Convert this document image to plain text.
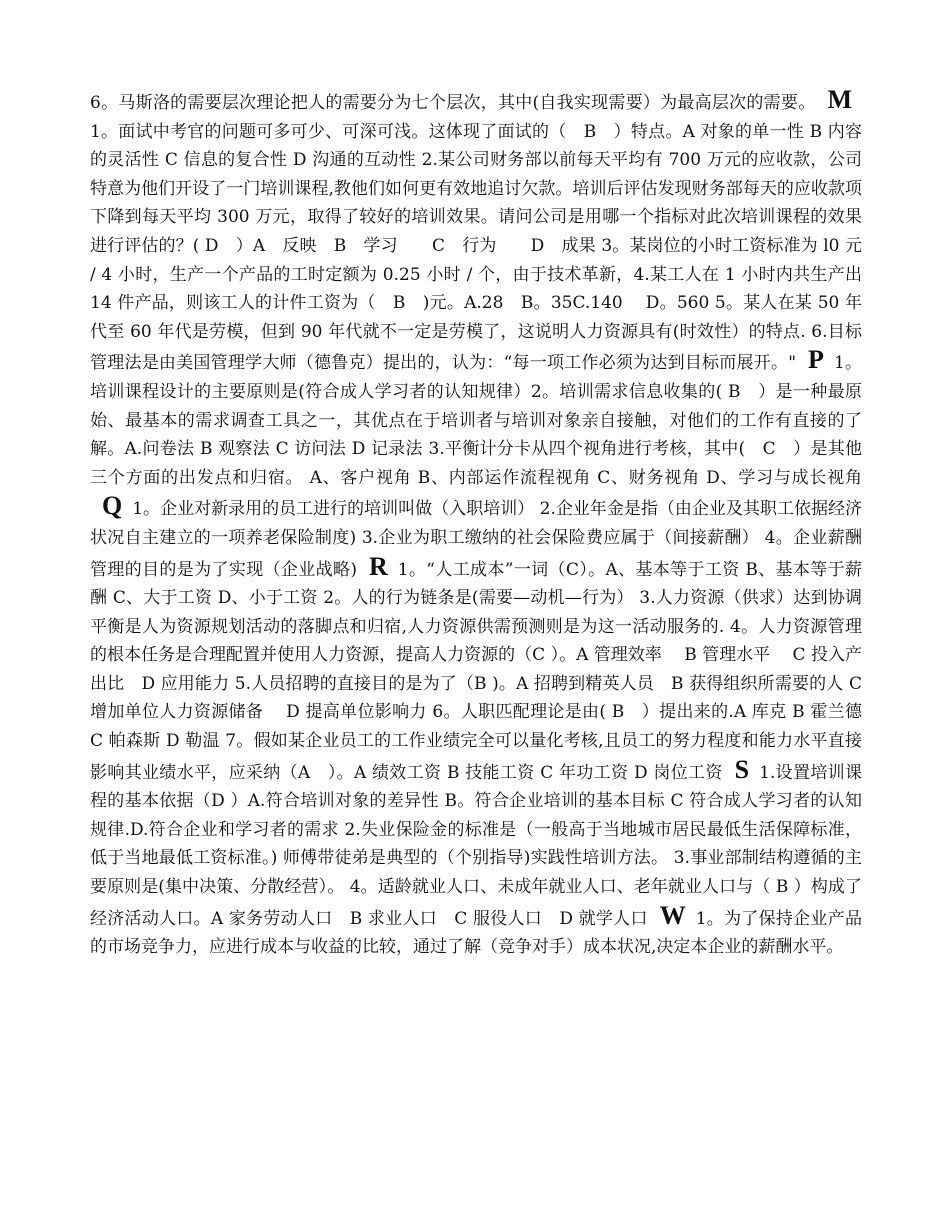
6。马斯洛的需要层次理论把人的需要分为七个层次，其中(自我实现需要）为最高层次的需要。 M1。面试中考官的问题可多可少、可深可浅。这体现了面试的（　B　）特点。A 对象的单一性 B 内容的灵活性 C 信息的复合性 D 沟通的互动性 2.某公司财务部以前每天平均有 700 万元的应收款，公司特意为他们开设了一门培训课程,教他们如何更有效地追讨欠款。培训后评估发现财务部每天的应收款项下降到每天平均 300 万元，取得了较好的培训效果。请问公司是用哪一个指标对此次培训课程的效果进行评估的？( D　）A　反映　B　学习　　C　行为　　D　成果 3。某岗位的小时工资标准为 l0 元 / 4 小时，生产一个产品的工时定额为 0.25 小时 / 个，由于技术革新，4.某工人在 1 小时内共生产出 14 件产品，则该工人的计件工资为（　B　)元。A.28　B。35C.140　 D。560 5。某人在某 50 年代至 60 年代是劳模，但到 90 年代就不一定是劳模了，这说明人力资源具有(时效性）的特点. 6.目标管理法是由美国管理学大师（德鲁克）提出的，认为：“每一项工作必须为达到目标而展开。" P 1。培训课程设计的主要原则是(符合成人学习者的认知规律）2。培训需求信息收集的( B　）是一种最原始、最基本的需求调查工具之一，其优点在于培训者与培训对象亲自接触，对他们的工作有直接的了解。A.问卷法 B 观察法 C 访问法 D 记录法 3.平衡计分卡从四个视角进行考核，其中(　C　）是其他三个方面的出发点和归宿。 A、客户视角 B、内部运作流程视角 C、财务视角 D、学习与成长视角Q 1。企业对新录用的员工进行的培训叫做（入职培训） 2.企业年金是指（由企业及其职工依据经济状况自主建立的一项养老保险制度) 3.企业为职工缴纳的社会保险费应属于（间接薪酬） 4。企业薪酬管理的目的是为了实现（企业战略) R 1。“人工成本”一词（C）。A、基本等于工资 B、基本等于薪酬 C、大于工资 D、小于工资 2。人的行为链条是(需要—动机—行为） 3.人力资源（供求）达到协调平衡是人为资源规划活动的落脚点和归宿,人力资源供需预测则是为这一活动服务的. 4。人力资源管理的根本任务是合理配置并使用人力资源，提高人力资源的（C ）。A 管理效率　 B 管理水平　 C 投入产出比　D 应用能力 5.人员招聘的直接目的是为了（B )。A 招聘到精英人员　B 获得组织所需要的人 C 增加单位人力资源储备　 D 提高单位影响力 6。人职匹配理论是由( B　）提出来的.A 库克 B 霍兰德 C 帕森斯 D 勒温 7。假如某企业员工的工作业绩完全可以量化考核,且员工的努力程度和能力水平直接影响其业绩水平，应采纳（A　）。A 绩效工资 B 技能工资 C 年功工资 D 岗位工资 S 1.设置培训课程的基本依据（D ）A.符合培训对象的差异性 B。符合企业培训的基本目标 C 符合成人学习者的认知规律.D.符合企业和学习者的需求 2.失业保险金的标准是（一般高于当地城市居民最低生活保障标准，低于当地最低工资标准。) 师傅带徒弟是典型的（个别指导)实践性培训方法。 3.事业部制结构遵循的主要原则是(集中决策、分散经营）。 4。适龄就业人口、未成年就业人口、老年就业人口与（ B ）构成了经济活动人口。A 家务劳动人口　B 求业人口　C 服役人口　D 就学人口 W 1。为了保持企业产品的市场竞争力，应进行成本与收益的比较，通过了解（竞争对手）成本状况,决定本企业的薪酬水平。
